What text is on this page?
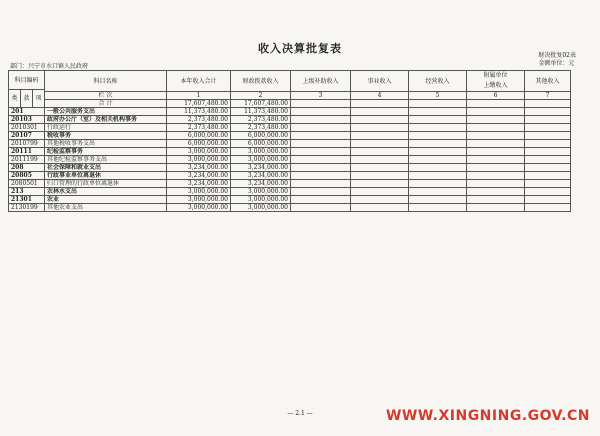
收入决算批复表
财决批复02表
金额单位：元
部门：兴宁市水口镇人民政府
科目编码			科目名称	本年收入合计	财政拨款收入	上级补助收入	事业收入	经营收入	附属单位
上缴收入	其他收入
类	款	项								
			栏 次	1	2	3	4	5	6	7
			合 计	17,607,480.00	17,607,480.00					
201			一般公共服务支出	11,373,480.00	11,373,480.00					
20103			政府办公厅（室）及相关机构事务	2,373,480.00	2,373,480.00					
2010301			行政运行	2,373,480.00	2,373,480.00					
20107			税收事务	6,000,000.00	6,000,000.00					
2010799			其他税收事务支出	6,000,000.00	6,000,000.00					
20111			纪检监察事务	3,000,000.00	3,000,000.00					
2011199			其他纪检监察事务支出	3,000,000.00	3,000,000.00					
208			社会保障和就业支出	3,234,000.00	3,234,000.00					
20805			行政事业单位离退休	3,234,000.00	3,234,000.00					
2080501			归口管理的行政单位离退休	3,234,000.00	3,234,000.00					
213			农林水支出	3,000,000.00	3,000,000.00					
21301			农业	3,000,000.00	3,000,000.00					
2130199			其他农业支出	3,000,000.00	3,000,000.00					
— 2.1 —	WWW.XINGNING.GOV.CN
